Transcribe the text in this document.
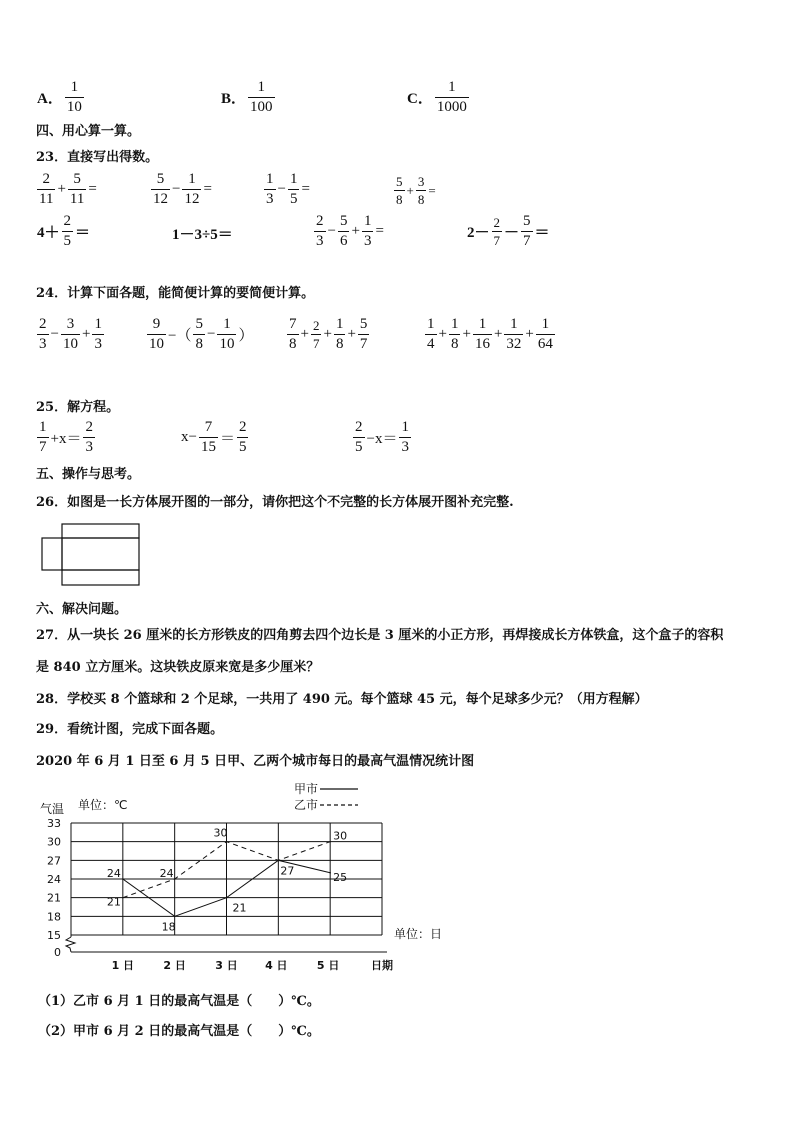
A． $\frac{1}{10}$	B． $\frac{1}{100}$	C． $\frac{1}{1000}$
四、用心算一算。
23．直接写出得数。
$\frac{2}{11} + \frac{5}{11}$ =	$\frac{5}{12} - \frac{1}{12}$ =	$\frac{1}{3} - \frac{1}{5}$ =	$\frac{5}{8} + \frac{3}{8}$ =
$4+ \frac{2}{5}$ ＝	1－3÷5＝	$\frac{2}{3} - \frac{5}{6} + \frac{1}{3}$ =	$2- \frac{2}{7} - \frac{5}{7}$ ＝
24．计算下面各题，能简便计算的要简便计算。
$\frac{2}{3} - \frac{3}{10} + \frac{1}{3}$	$\frac{9}{10}$ −（ $\frac{5}{8} - \frac{1}{10}$ ） $\frac{7}{8} + \frac{2}{7} + \frac{1}{8} + \frac{5}{7}$	$\frac{1}{4} + \frac{1}{8} + \frac{1}{16} + \frac{1}{32} + \frac{1}{64}$
25．解方程。
$\frac{1}{7} +x= \frac{2}{3}$	$x- \frac{7}{15} = \frac{2}{5}$	$\frac{2}{5} -x= \frac{1}{3}$
五、操作与思考。
26．如图是一长方体展开图的一部分，请你把这个不完整的长方体展开图补充完整.
六、解决问题。
27．从一块长 26 厘米的长方形铁皮的四角剪去四个边长是 3 厘米的小正方形，再焊接成长方体铁盒，这个盒子的容积
是 840 立方厘米。这块铁皮原来宽是多少厘米？
28．学校买 8 个篮球和 2 个足球，一共用了 490 元。每个篮球 45 元，每个足球多少元？（用方程解）
29．看统计图，完成下面各题。
2020 年 6 月 1 日至 6 月 5 日甲、乙两个城市每日的最高气温情况统计图
0
15
18
21
24
27
30
33
气温 单位：℃
1 日	2 日	3 日 4 日	5 日	日期
单位：日
24
21
24
18
30
21
27
30
25
甲市
乙市
（1）乙市 6 月 1 日的最高气温是（　　）℃。
（2）甲市 6 月 2 日的最高气温是（　　）℃。
